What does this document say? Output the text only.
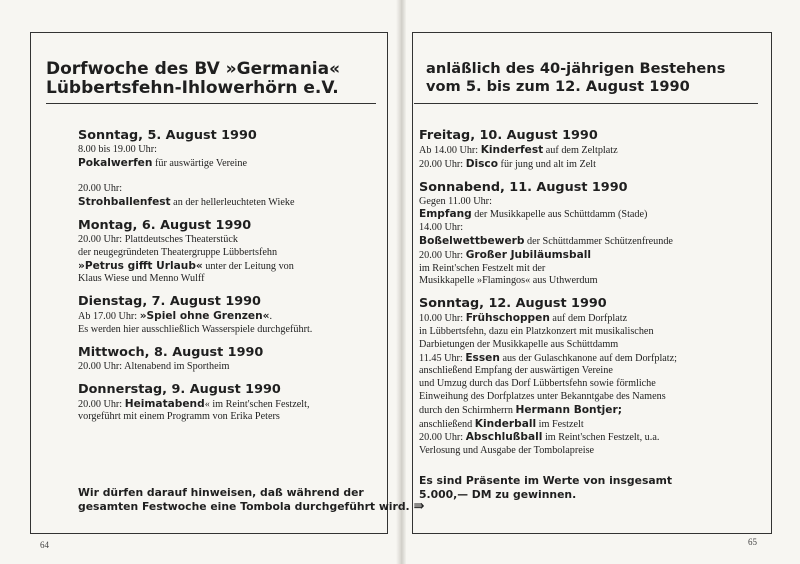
Dorfwoche des BV »Germania«
Lübbertsfehn-Ihlowerhörn e.V.
anläßlich des 40-jährigen Bestehens
vom 5. bis zum 12. August 1990
Sonntag, 5. August 1990
8.00 bis 19.00 Uhr:
Pokalwerfen für auswärtige Vereine

20.00 Uhr:
Strohballenfest an der hellerleuchteten Wieke
Montag, 6. August 1990
20.00 Uhr: Plattdeutsches Theaterstück
der neugegründeten Theatergruppe Lübbertsfehn
»Petrus gifft Urlaub« unter der Leitung von
Klaus Wiese und Menno Wulff
Dienstag, 7. August 1990
Ab 17.00 Uhr: »Spiel ohne Grenzen«.
Es werden hier ausschließlich Wasserspiele durchgeführt.
Mittwoch, 8. August 1990
20.00 Uhr: Altenabend im Sportheim
Donnerstag, 9. August 1990
20.00 Uhr: Heimatabend« im Reint'schen Festzelt,
vorgeführt mit einem Programm von Erika Peters
Freitag, 10. August 1990
Ab 14.00 Uhr: Kinderfest auf dem Zeltplatz
20.00 Uhr: Disco für jung und alt im Zelt
Sonnabend, 11. August 1990
Gegen 11.00 Uhr:
Empfang der Musikkapelle aus Schüttdamm (Stade)
14.00 Uhr:
Boßelwettbewerb der Schüttdammer Schützenfreunde
20.00 Uhr: Großer Jubiläumsball
im Reint'schen Festzelt mit der
Musikkapelle »Flamingos« aus Uthwerdum
Sonntag, 12. August 1990
10.00 Uhr: Frühschoppen auf dem Dorfplatz
in Lübbertsfehn, dazu ein Platzkonzert mit musikalischen
Darbietungen der Musikkapelle aus Schüttdamm
11.45 Uhr: Essen aus der Gulaschkanone auf dem Dorfplatz;
anschließend Empfang der auswärtigen Vereine
und Umzug durch das Dorf Lübbertsfehn sowie förmliche
Einweihung des Dorfplatzes unter Bekanntgabe des Namens
durch den Schirmherrn Hermann Bontjer;
anschließend Kinderball im Festzelt
20.00 Uhr: Abschlußball im Reint'schen Festzelt, u.a.
Verlosung und Ausgabe der Tombolapreise
Wir dürfen darauf hinweisen, daß während der
gesamten Festwoche eine Tombola durchgeführt wird. ⇛
Es sind Präsente im Werte von insgesamt
5.000,— DM zu gewinnen.
64	65
